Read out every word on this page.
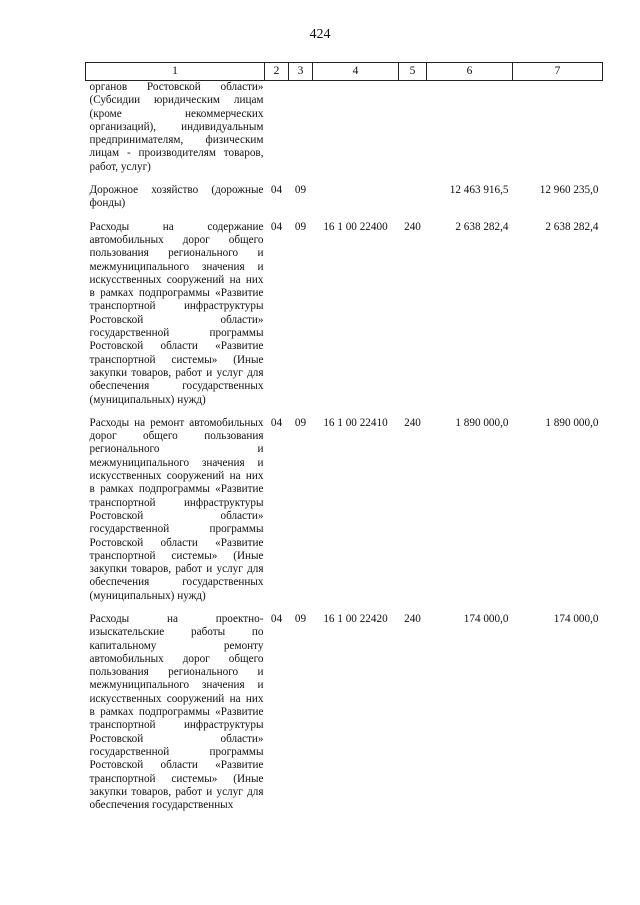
424
1	2	3	4	5	6	7
органов Ростовской области» (Субсидии юридическим лицам (кроме некоммерческих организаций), индивидуальным предпринимателям, физическим лицам - производителям товаров, работ, услуг)						
Дорожное хозяйство (дорожные фонды)	04	09			12 463 916,5	12 960 235,0
Расходы на содержание автомобильных дорог общего пользования регионального и межмуниципального значения и искусственных сооружений на них в рамках подпрограммы «Развитие транспортной инфраструктуры Ростовской области» государственной программы Ростовской области «Развитие транспортной системы» (Иные закупки товаров, работ и услуг для обеспечения государственных (муниципальных) нужд)	04	09	16 1 00 22400	240	2 638 282,4	2 638 282,4
Расходы на ремонт автомобильных дорог общего пользования регионального и межмуниципального значения и искусственных сооружений на них в рамках подпрограммы «Развитие транспортной инфраструктуры Ростовской области» государственной программы Ростовской области «Развитие транспортной системы» (Иные закупки товаров, работ и услуг для обеспечения государственных (муниципальных) нужд)	04	09	16 1 00 22410	240	1 890 000,0	1 890 000,0
Расходы на проектно-изыскательские работы по капитальному ремонту автомобильных дорог общего пользования регионального и межмуниципального значения и искусственных сооружений на них в рамках подпрограммы «Развитие транспортной инфраструктуры Ростовской области» государственной программы Ростовской области «Развитие транспортной системы» (Иные закупки товаров, работ и услуг для обеспечения государственных	04	09	16 1 00 22420	240	174 000,0	174 000,0
